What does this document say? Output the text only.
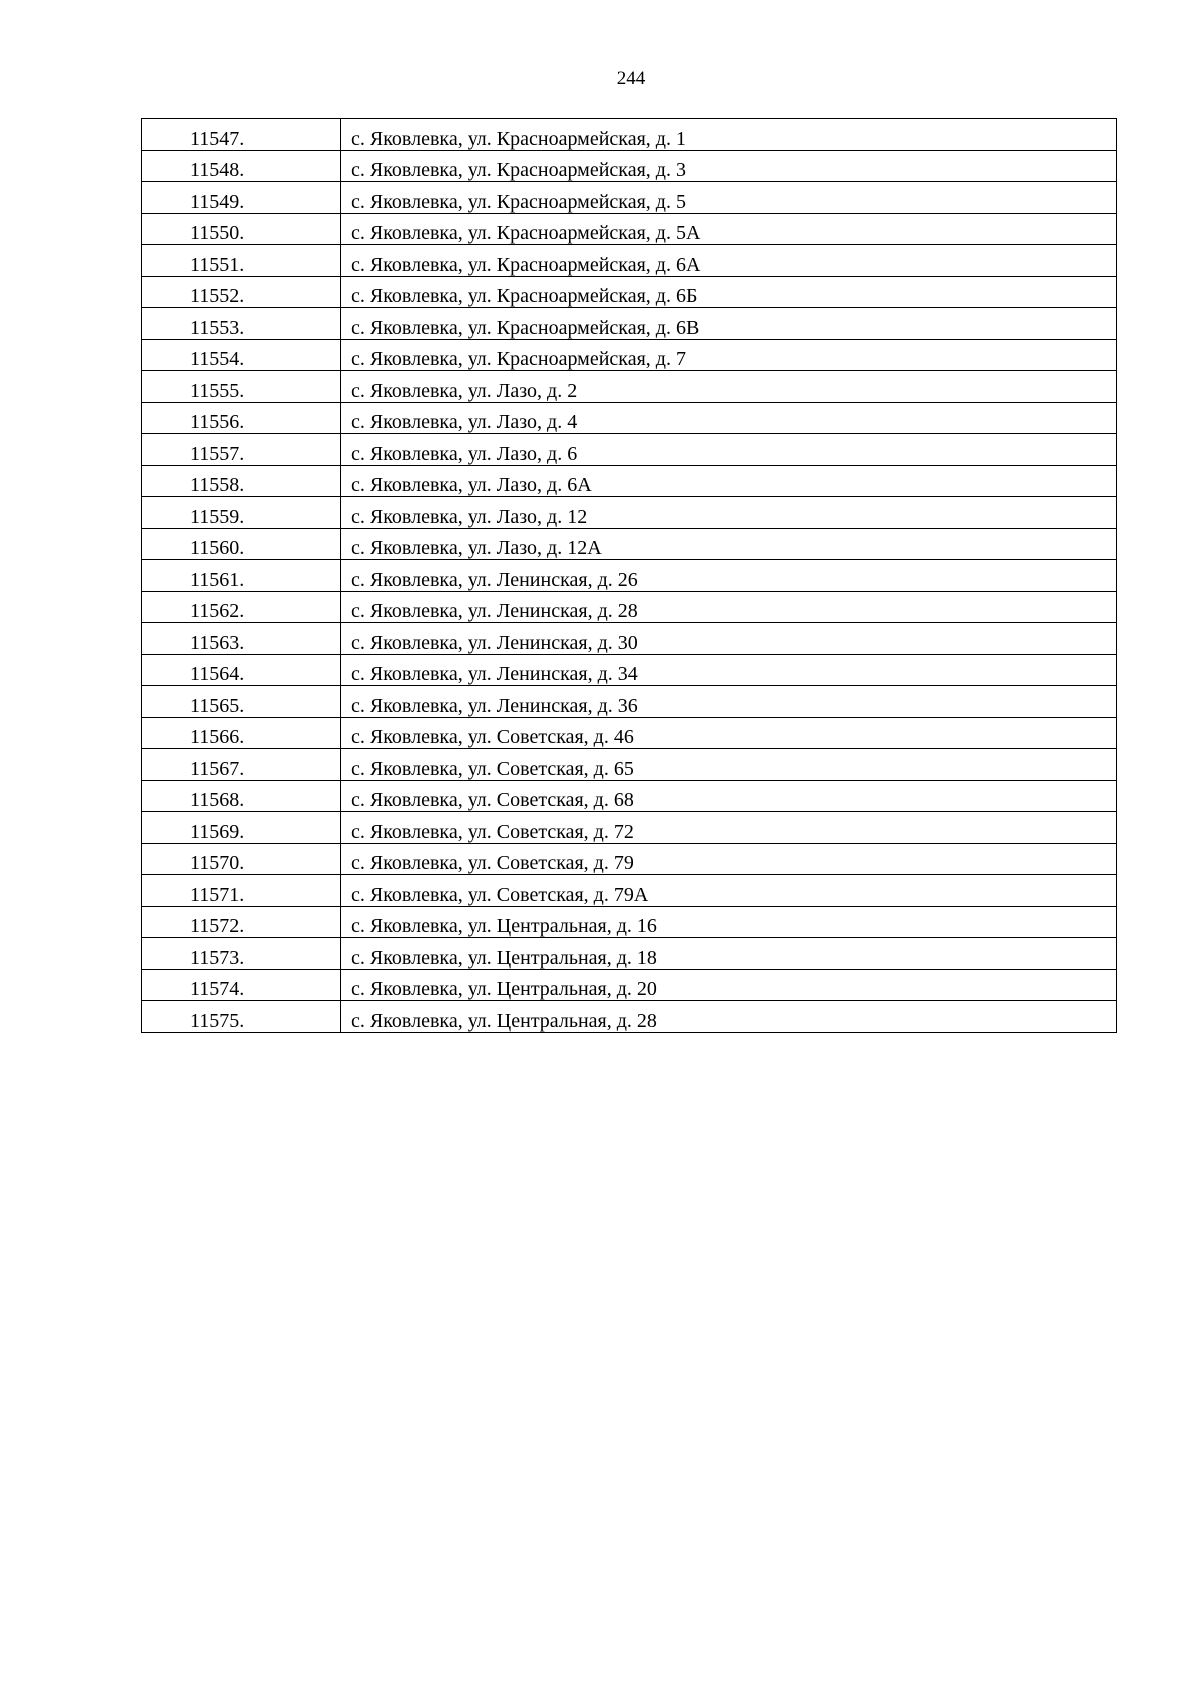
244
11547.	с. Яковлевка, ул. Красноармейская, д. 1
11548.	с. Яковлевка, ул. Красноармейская, д. 3
11549.	с. Яковлевка, ул. Красноармейская, д. 5
11550.	с. Яковлевка, ул. Красноармейская, д. 5А
11551.	с. Яковлевка, ул. Красноармейская, д. 6А
11552.	с. Яковлевка, ул. Красноармейская, д. 6Б
11553.	с. Яковлевка, ул. Красноармейская, д. 6В
11554.	с. Яковлевка, ул. Красноармейская, д. 7
11555.	с. Яковлевка, ул. Лазо, д. 2
11556.	с. Яковлевка, ул. Лазо, д. 4
11557.	с. Яковлевка, ул. Лазо, д. 6
11558.	с. Яковлевка, ул. Лазо, д. 6А
11559.	с. Яковлевка, ул. Лазо, д. 12
11560.	с. Яковлевка, ул. Лазо, д. 12А
11561.	с. Яковлевка, ул. Ленинская, д. 26
11562.	с. Яковлевка, ул. Ленинская, д. 28
11563.	с. Яковлевка, ул. Ленинская, д. 30
11564.	с. Яковлевка, ул. Ленинская, д. 34
11565.	с. Яковлевка, ул. Ленинская, д. 36
11566.	с. Яковлевка, ул. Советская, д. 46
11567.	с. Яковлевка, ул. Советская, д. 65
11568.	с. Яковлевка, ул. Советская, д. 68
11569.	с. Яковлевка, ул. Советская, д. 72
11570.	с. Яковлевка, ул. Советская, д. 79
11571.	с. Яковлевка, ул. Советская, д. 79А
11572.	с. Яковлевка, ул. Центральная, д. 16
11573.	с. Яковлевка, ул. Центральная, д. 18
11574.	с. Яковлевка, ул. Центральная, д. 20
11575.	с. Яковлевка, ул. Центральная, д. 28
